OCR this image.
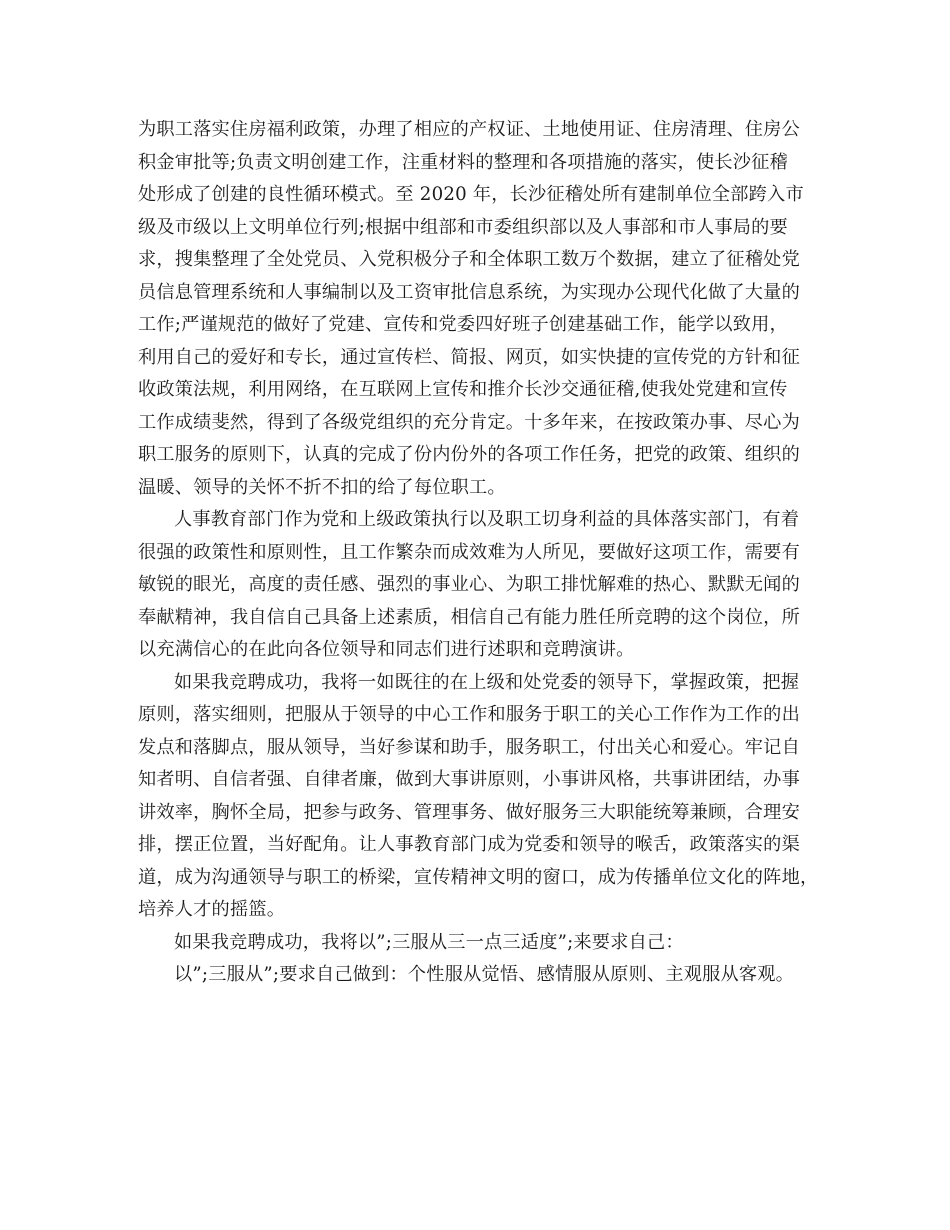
为职工落实住房福利政策，办理了相应的产权证、土地使用证、住房清理、住房公
积金审批等;负责文明创建工作，注重材料的整理和各项措施的落实，使长沙征稽
处形成了创建的良性循环模式。至 2020 年，长沙征稽处所有建制单位全部跨入市
级及市级以上文明单位行列;根据中组部和市委组织部以及人事部和市人事局的要
求，搜集整理了全处党员、入党积极分子和全体职工数万个数据，建立了征稽处党
员信息管理系统和人事编制以及工资审批信息系统，为实现办公现代化做了大量的
工作;严谨规范的做好了党建、宣传和党委四好班子创建基础工作，能学以致用，
利用自己的爱好和专长，通过宣传栏、简报、网页，如实快捷的宣传党的方针和征
收政策法规，利用网络，在互联网上宣传和推介长沙交通征稽,使我处党建和宣传
工作成绩斐然，得到了各级党组织的充分肯定。十多年来，在按政策办事、尽心为
职工服务的原则下，认真的完成了份内份外的各项工作任务，把党的政策、组织的
温暖、领导的关怀不折不扣的给了每位职工。
人事教育部门作为党和上级政策执行以及职工切身利益的具体落实部门，有着
很强的政策性和原则性，且工作繁杂而成效难为人所见，要做好这项工作，需要有
敏锐的眼光，高度的责任感、强烈的事业心、为职工排忧解难的热心、默默无闻的
奉献精神，我自信自己具备上述素质，相信自己有能力胜任所竞聘的这个岗位，所
以充满信心的在此向各位领导和同志们进行述职和竞聘演讲。
如果我竞聘成功，我将一如既往的在上级和处党委的领导下，掌握政策，把握
原则，落实细则，把服从于领导的中心工作和服务于职工的关心工作作为工作的出
发点和落脚点，服从领导，当好参谋和助手，服务职工，付出关心和爱心。牢记自
知者明、自信者强、自律者廉，做到大事讲原则，小事讲风格，共事讲团结，办事
讲效率，胸怀全局，把参与政务、管理事务、做好服务三大职能统筹兼顾，合理安
排，摆正位置，当好配角。让人事教育部门成为党委和领导的喉舌，政策落实的渠
道，成为沟通领导与职工的桥梁，宣传精神文明的窗口，成为传播单位文化的阵地，
培养人才的摇篮。
如果我竞聘成功，我将以”;三服从三一点三适度”;来要求自己：
以”;三服从”;要求自己做到：个性服从觉悟、感情服从原则、主观服从客观。
